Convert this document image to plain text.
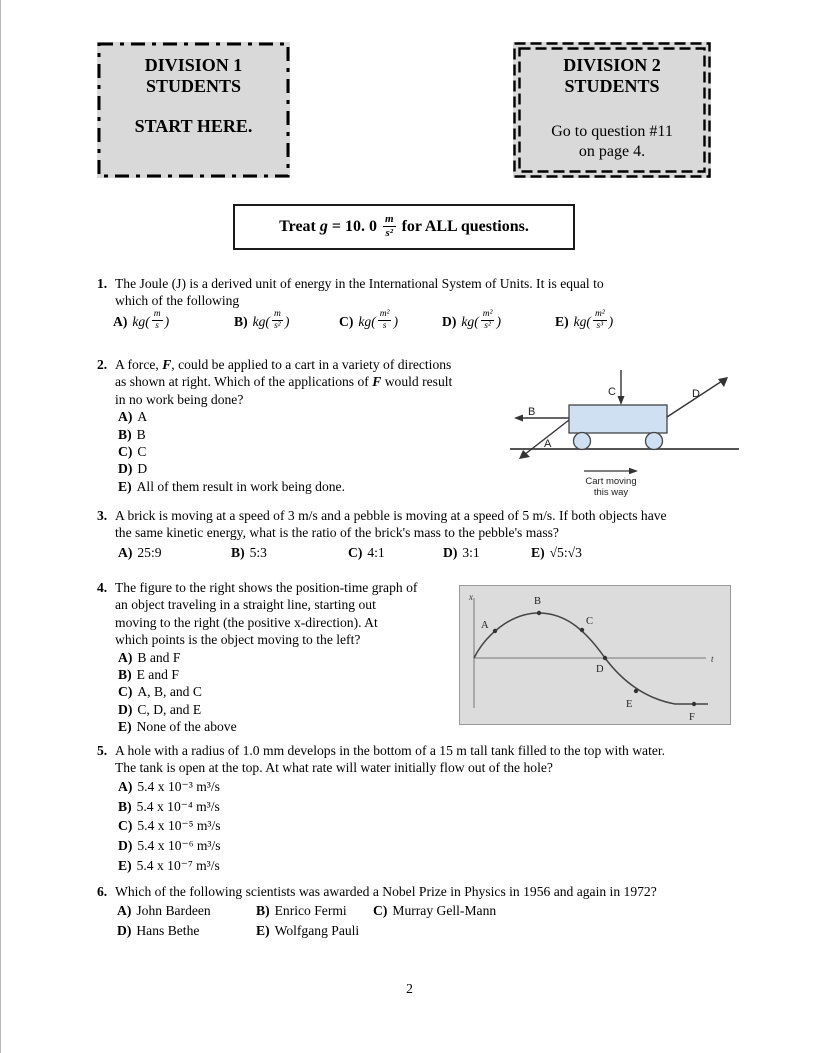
DIVISION 1
STUDENTS
START HERE.
DIVISION 2
STUDENTS
Go to question #11
on page 4.
Treat g = 10. $0 \frac{m}{\text{s²}}$ for ALL questions.
1. The Joule (J) is a derived unit of energy in the International System of Units. It is equal to
which of the following
A) $kg( \frac{m}{s}$ )	B) $kg( \frac{m}{\text{s²}}$ )	C) $kg( \frac{\text{m²}}{s}$ )	D) $kg( \frac{\text{m²}}{\text{s²}}$ )	E) $kg( \frac{\text{m²}}{\text{s³}}$ )
2. A force, F, could be applied to a cart in a variety of directions
as shown at right. Which of the applications of F would result
in no work being done?
A) A
B) B
C) C
D) D
E) All of them result in work being done.
B
A
C	D
Cart moving
this way
3. A brick is moving at a speed of 3 m/s and a pebble is moving at a speed of 5 m/s. If both objects have
the same kinetic energy, what is the ratio of the brick's mass to the pebble's mass?
A) 25:9	B) 5:3	C) 4:1	D) 3:1	E) √5:√3
4. The figure to the right shows the position-time graph of
an object traveling in a straight line, starting out
moving to the right (the positive x-direction). At
which points is the object moving to the left?
A) B and F
B) E and F
C) A, B, and C
D) C, D, and E
E) None of the above
x
t
A
B
C
D
E
F
5. A hole with a radius of 1.0 mm develops in the bottom of a 15 m tall tank filled to the top with water.
The tank is open at the top. At what rate will water initially flow out of the hole?
A) 5.4 x 10⁻³ m³/s
B) 5.4 x 10⁻⁴ m³/s
C) 5.4 x 10⁻⁵ m³/s
D) 5.4 x 10⁻⁶ m³/s
E) 5.4 x 10⁻⁷ m³/s
6. Which of the following scientists was awarded a Nobel Prize in Physics in 1956 and again in 1972?
A) John Bardeen	B) Enrico Fermi C) Murray Gell-Mann
D) Hans Bethe	E) Wolfgang Pauli
2
